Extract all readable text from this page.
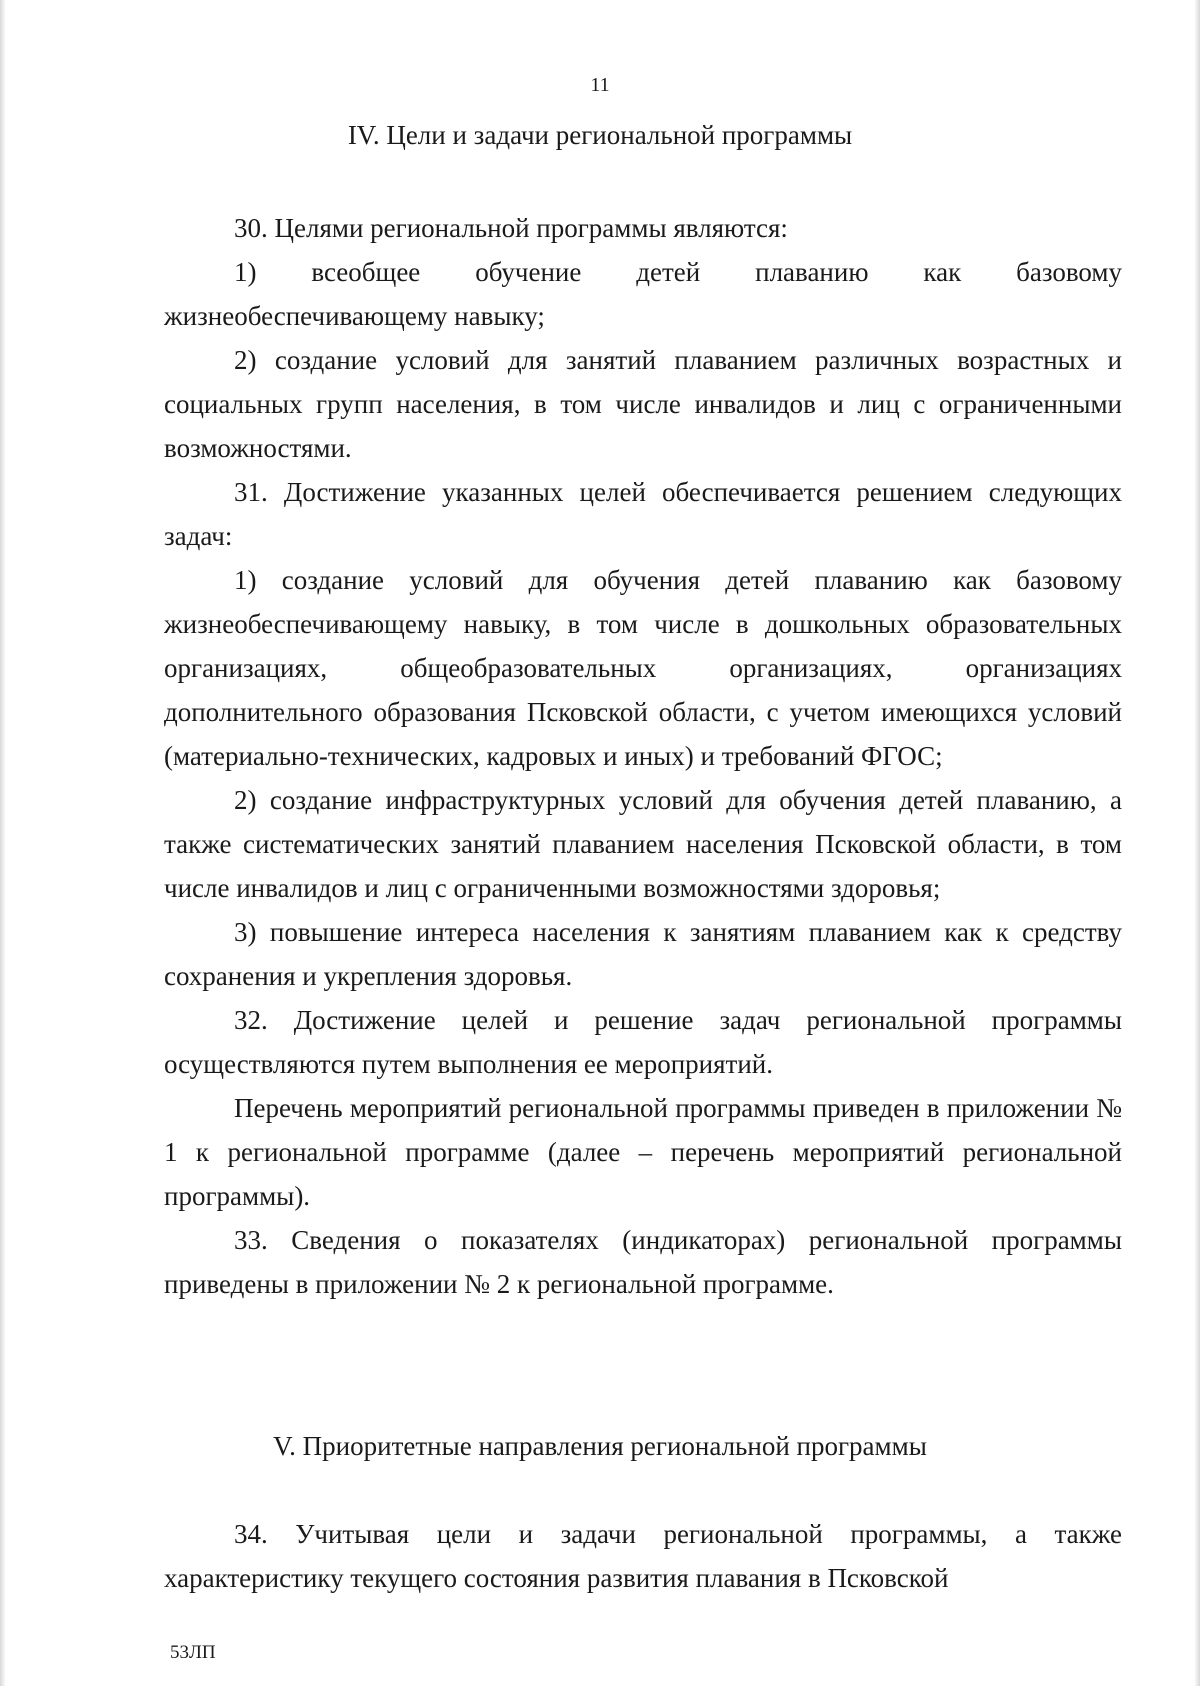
11
IV. Цели и задачи региональной программы

30. Целями региональной программы являются:

1) всеобщее обучение детей плаванию как базовому жизнеобеспечивающему навыку;

2) создание условий для занятий плаванием различных возрастных и социальных групп населения, в том числе инвалидов и лиц с ограниченными возможностями.

31. Достижение указанных целей обеспечивается решением следующих задач:

1) создание условий для обучения детей плаванию как базовому жизнеобеспечивающему навыку, в том числе в дошкольных образовательных организациях, общеобразовательных организациях, организациях дополнительного образования Псковской области, с учетом имеющихся условий (материально-технических, кадровых и иных) и требований ФГОС;

2) создание инфраструктурных условий для обучения детей плаванию, а также систематических занятий плаванием населения Псковской области, в том числе инвалидов и лиц с ограниченными возможностями здоровья;

3) повышение интереса населения к занятиям плаванием как к средству сохранения и укрепления здоровья.

32. Достижение целей и решение задач региональной программы осуществляются путем выполнения ее мероприятий.

Перечень мероприятий региональной программы приведен в приложении № 1 к региональной программе (далее – перечень мероприятий региональной программы).

33. Сведения о показателях (индикаторах) региональной программы приведены в приложении № 2 к региональной программе.

V. Приоритетные направления региональной программы

34. Учитывая цели и задачи региональной программы, а также характеристику текущего состояния развития плавания в Псковской

53ЛП
